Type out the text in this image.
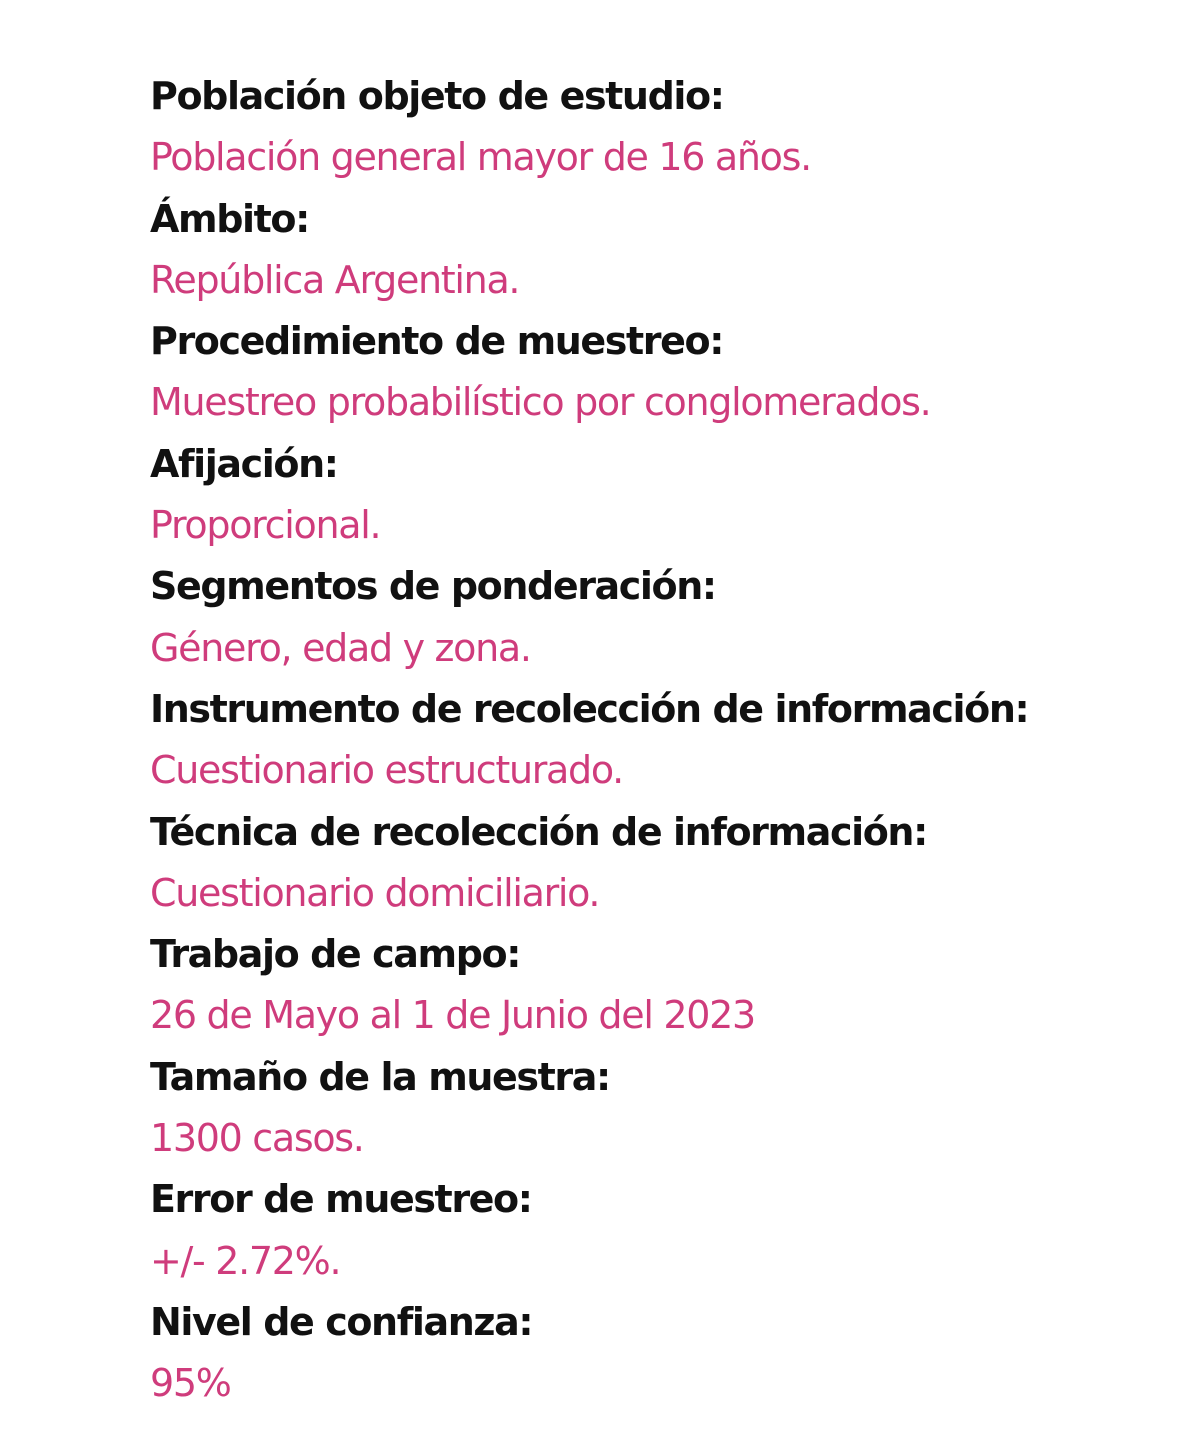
Población objeto de estudio:
Población general mayor de 16 años.
Ámbito:
República Argentina.
Procedimiento de muestreo:
Muestreo probabilístico por conglomerados.
Afijación:
Proporcional.
Segmentos de ponderación:
Género, edad y zona.
Instrumento de recolección de información:
Cuestionario estructurado.
Técnica de recolección de información:
Cuestionario domiciliario.
Trabajo de campo:
26 de Mayo al 1 de Junio del 2023
Tamaño de la muestra:
1300 casos.
Error de muestreo:
+/- 2.72%.
Nivel de confianza:
95%
